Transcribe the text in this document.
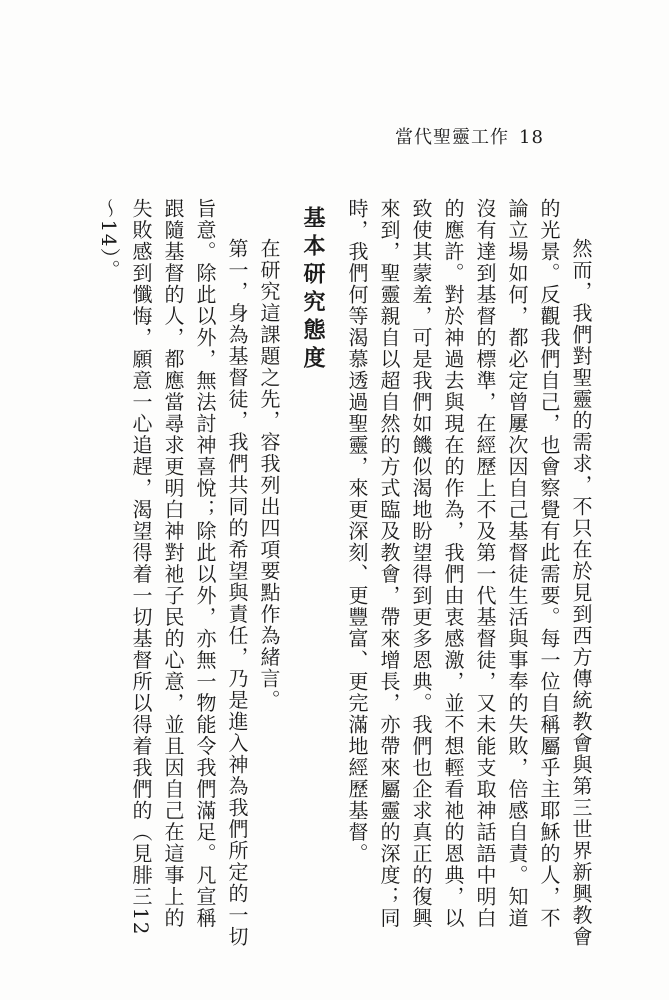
當代聖靈工作 18

然而，我們對聖靈的需求，不只在於見到西方傳統教會與第三世界新興教會的光景。反觀我們自己，也會察覺有此需要。每一位自稱屬乎主耶穌的人，不論立場如何，都必定曾屢次因自己基督徒生活與事奉的失敗，倍感自責。知道沒有達到基督的標準，在經歷上不及第一代基督徒，又未能支取神話語中明白的應許。對於神過去與現在的作為，我們由衷感激，並不想輕看祂的恩典，以致使其蒙羞，可是我們如饑似渴地盼望得到更多恩典。我們也企求真正的復興來到，聖靈親自以超自然的方式臨及教會，帶來增長，亦帶來屬靈的深度；同時，我們何等渴慕透過聖靈，來更深刻、更豐富、更完滿地經歷基督。

基本研究態度

在研究這課題之先，容我列出四項要點作為緒言。

第一，身為基督徒，我們共同的希望與責任，乃是進入神為我們所定的一切旨意。除此以外，無法討神喜悅；除此以外，亦無一物能令我們滿足。凡宣稱跟隨基督的人，都應當尋求更明白神對祂子民的心意，並且因自己在這事上的失敗感到懺悔，願意一心追趕，渴望得着一切基督所以得着我們的（見腓三12～14）。
